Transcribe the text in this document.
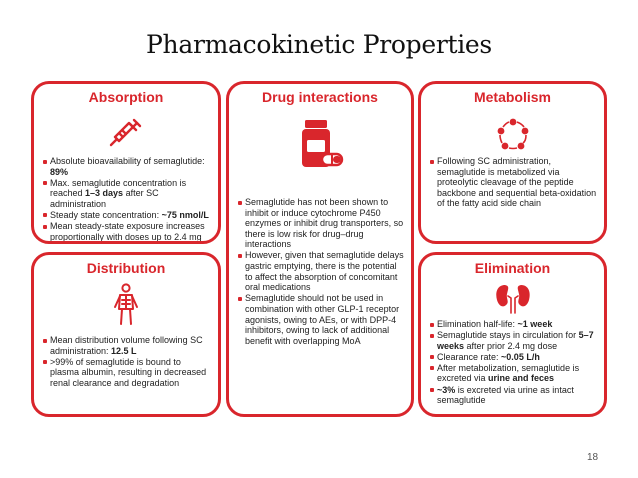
Pharmacokinetic Properties
Absorption
Absolute bioavailability of semaglutide: 89%
Max. semaglutide concentration is reached 1–3 days after SC administration
Steady state concentration: ~75 nmol/L
Mean steady-state exposure increases proportionally with doses up to 2.4 mg
Drug interactions
Semaglutide has not been shown to inhibit or induce cytochrome P450 enzymes or inhibit drug transporters, so there is low risk for drug–drug interactions
However, given that semaglutide delays gastric emptying, there is the potential to affect the absorption of concomitant oral medications
Semaglutide should not be used in combination with other GLP-1 receptor agonists, owing to AEs, or with DPP-4 inhibitors, owing to lack of additional benefit with overlapping MoA
Metabolism
Following SC administration, semaglutide is metabolized via proteolytic cleavage of the peptide backbone and sequential beta-oxidation of the fatty acid side chain
Distribution
Mean distribution volume following SC administration: 12.5 L
>99% of semaglutide is bound to plasma albumin, resulting in decreased renal clearance and degradation
Elimination
Elimination half-life: ~1 week
Semaglutide stays in circulation for 5–7 weeks after prior 2.4 mg dose
Clearance rate: ~0.05 L/h
After metabolization, semaglutide is excreted via urine and feces
~3% is excreted via urine as intact semaglutide
18
